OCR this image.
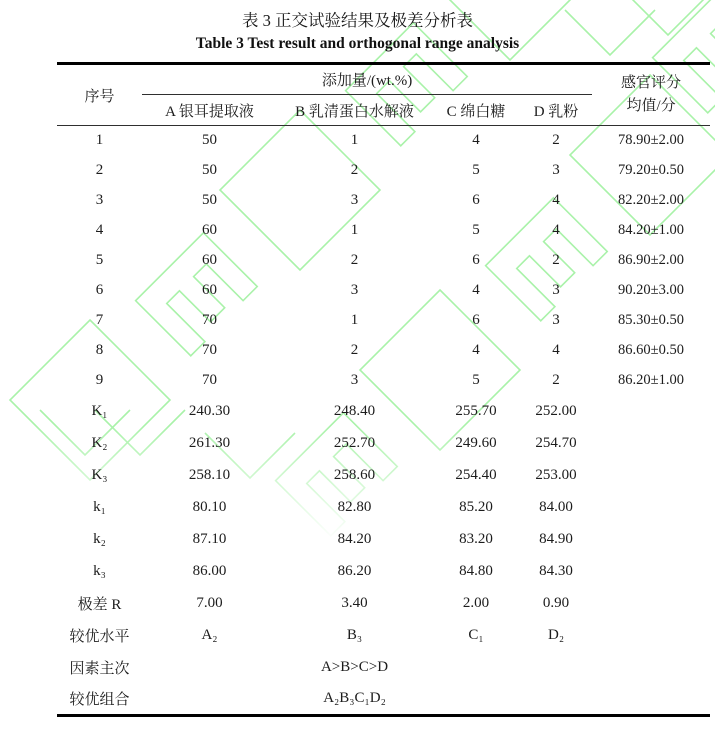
表 3 正交试验结果及极差分析表
Table 3 Test result and orthogonal range analysis
序号	添加量/(wt.%)				感官评分
均值/分

	A 银耳提取液	B 乳清蛋白水解液	C 绵白糖	D 乳粉	
1	50	1	4	2	78.90±2.00
2	50	2	5	3	79.20±0.50
3	50	3	6	4	82.20±2.00
4	60	1	5	4	84.20±1.00
5	60	2	6	2	86.90±2.00
6	60	3	4	3	90.20±3.00
7	70	1	6	3	85.30±0.50
8	70	2	4	4	86.60±0.50
9	70	3	5	2	86.20±1.00
K₁	240.30	248.40	255.70	252.00	
K₂	261.30	252.70	249.60	254.70	
K₃	258.10	258.60	254.40	253.00	
k₁	80.10	82.80	85.20	84.00	
k₂	87.10	84.20	83.20	84.90	
k₃	86.00	86.20	84.80	84.30	
极差 R	7.00	3.40	2.00	0.90	
较优水平	A₂	B₃	C₁	D₂	
因素主次		A>B>C>D			
较优组合		A₂B₃C₁D₂			
